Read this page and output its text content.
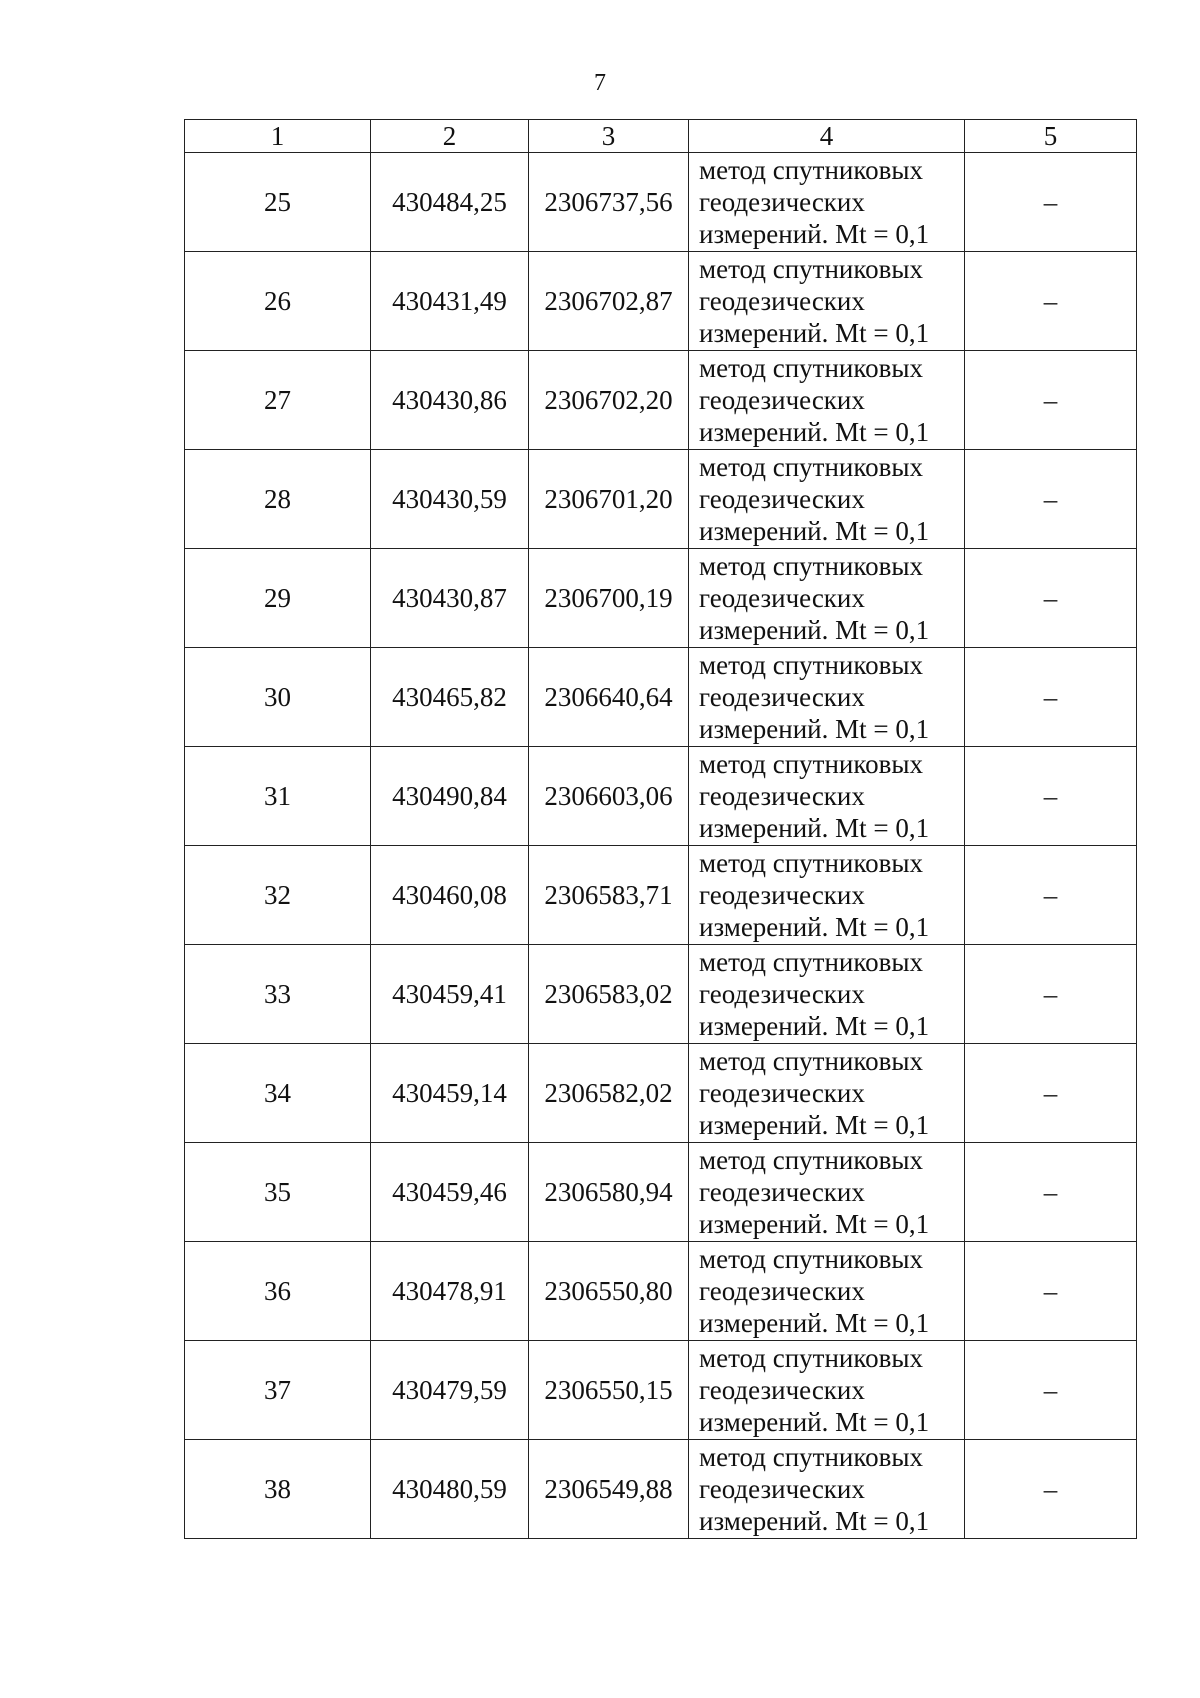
7
1	2	3	4	5
25	430484,25	2306737,56	метод спутниковых
геодезических
измерений. Mt = 0,1	–
26	430431,49	2306702,87	метод спутниковых
геодезических
измерений. Mt = 0,1	–
27	430430,86	2306702,20	метод спутниковых
геодезических
измерений. Mt = 0,1	–
28	430430,59	2306701,20	метод спутниковых
геодезических
измерений. Mt = 0,1	–
29	430430,87	2306700,19	метод спутниковых
геодезических
измерений. Mt = 0,1	–
30	430465,82	2306640,64	метод спутниковых
геодезических
измерений. Mt = 0,1	–
31	430490,84	2306603,06	метод спутниковых
геодезических
измерений. Mt = 0,1	–
32	430460,08	2306583,71	метод спутниковых
геодезических
измерений. Mt = 0,1	–
33	430459,41	2306583,02	метод спутниковых
геодезических
измерений. Mt = 0,1	–
34	430459,14	2306582,02	метод спутниковых
геодезических
измерений. Mt = 0,1	–
35	430459,46	2306580,94	метод спутниковых
геодезических
измерений. Mt = 0,1	–
36	430478,91	2306550,80	метод спутниковых
геодезических
измерений. Mt = 0,1	–
37	430479,59	2306550,15	метод спутниковых
геодезических
измерений. Mt = 0,1	–
38	430480,59	2306549,88	метод спутниковых
геодезических
измерений. Mt = 0,1	–
